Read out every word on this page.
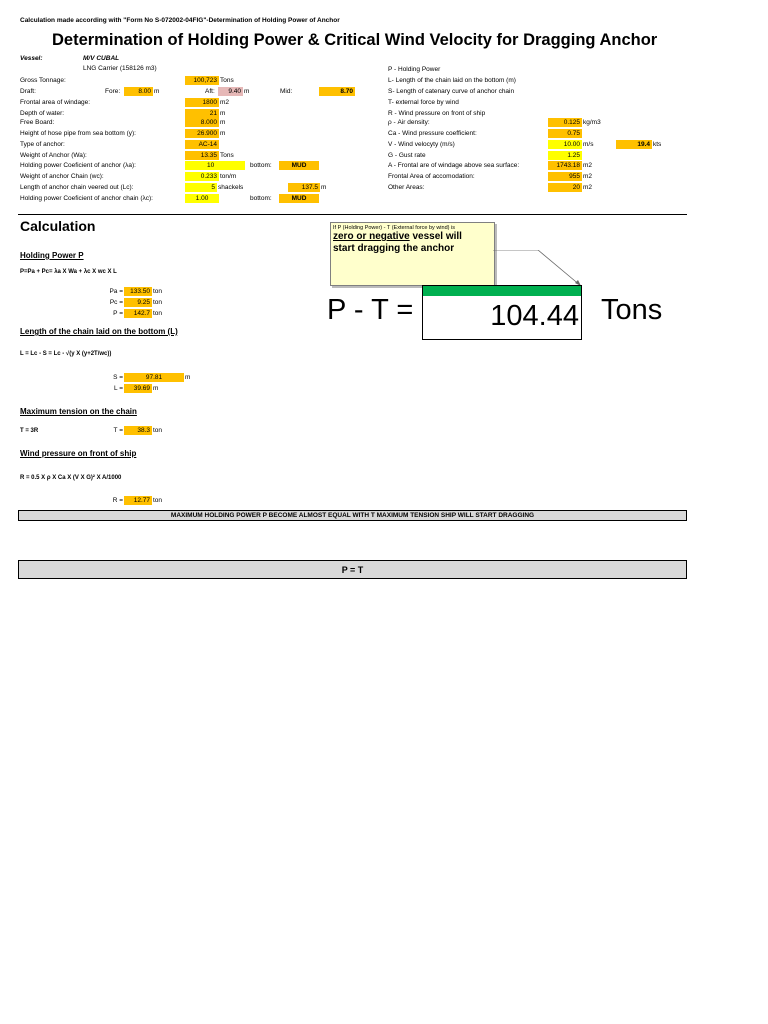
Calculation made according with "Form No S-072002-04FIG"-Determination of Holding Power of Anchor
Determination of Holding Power & Critical Wind Velocity for Dragging Anchor
Vessel:	M/V CUBAL
LNG Carrier (158126 m3)
Gross Tonnage:	100,723 Tons
Draft:	Fore:	8.00 m	Aft:	9.40 m	Mid:	8.70
Frontal area of windage:	1800 m2
Depth of water:	21 m
Free Board:	8.000 m
Height of hose pipe from sea bottom (y):	26.900 m
Type of anchor:	AC-14
Weight of Anchor (Wa):	13.35 Tons
Holding power Coeficient of anchor (λa):	10	bottom:	MUD
Weight of anchor Chain (wc):	0.233 ton/m
Length of anchor chain veered out (Lc):	5 shackels	137.5 m
Holding power Coeficient of anchor chain (λc):	1.00	bottom:	MUD
P - Holding Power
L- Length of the chain laid on the bottom (m)
S- Length of catenary curve of anchor chain
T- external force by wind
R - Wind pressure on front of ship
ρ - Air density:	0.125 kg/m3
Ca - Wind pressure coefficient:	0.75
V - Wind velocyty (m/s)	10.00 m/s	19.4 kts
G - Gust rate	1.25
A - Frontal are of windage above sea surface:	1743.18 m2
Frontal Area of accomodation:	955 m2
Other Areas:	20 m2
Calculation
Holding Power P
P=Pa + Pc= λa X Wa + λc X wc X L
Pa =	133.50 ton
Pc =	9.25 ton
P =	142.7 ton
Length of the chain laid on the bottom (L)
L = Lc - S = Lc - √(y X (y+2T/wc))
S =	97.81	m
L =	39.69 m
Maximum tension on the chain
T = 3R	T =	38.3 ton
Wind pressure on front of ship
R = 0.5 X ρ X Ca X (V X G)² X A/1000
R =	12.77 ton
If P (Holding Power) - T (External force by wind) is
zero or negative vessel will
start dragging the anchor
P - T =	104.44 Tons
MAXIMUM HOLDING POWER P BECOME ALMOST EQUAL WITH T MAXIMUM TENSION SHIP WILL START DRAGGING
P = T
